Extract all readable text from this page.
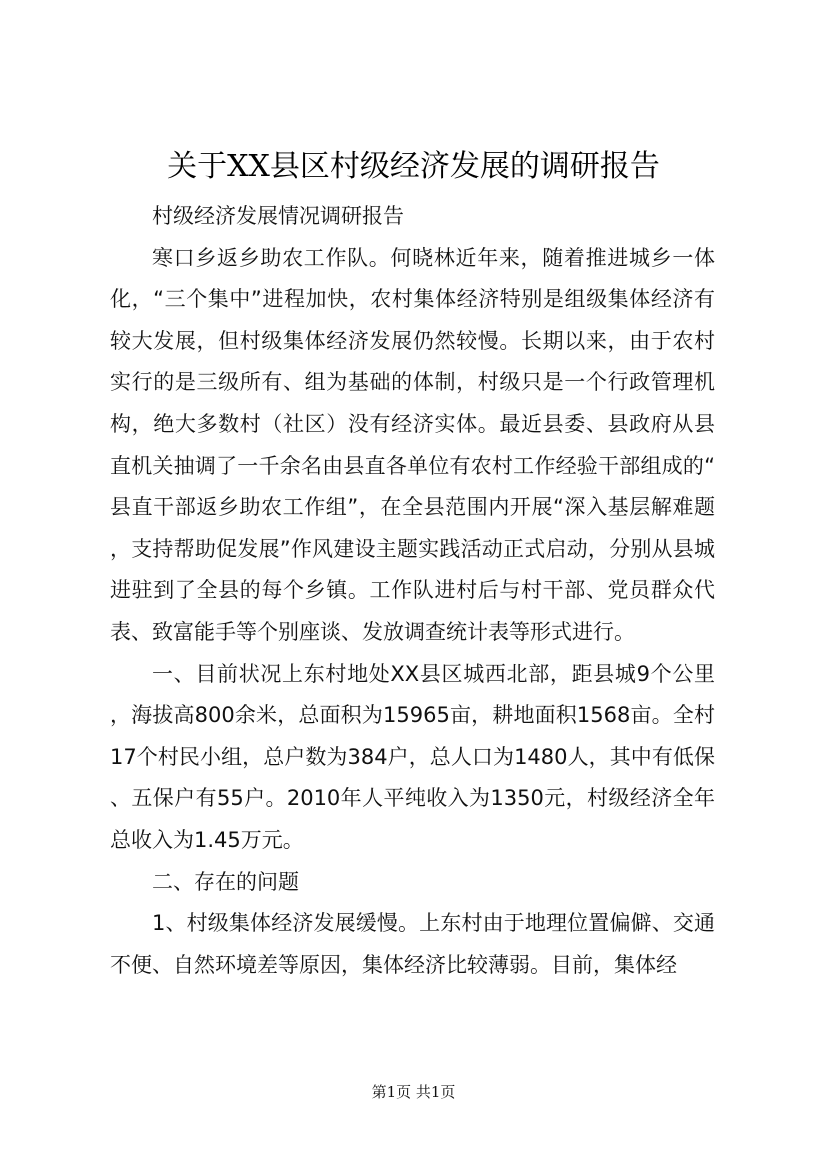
关于XX县区村级经济发展的调研报告

村级经济发展情况调研报告

寒口乡返乡助农工作队。何晓林近年来，随着推进城乡一体化，“三个集中”进程加快，农村集体经济特别是组级集体经济有较大发展，但村级集体经济发展仍然较慢。长期以来，由于农村实行的是三级所有、组为基础的体制，村级只是一个行政管理机构，绝大多数村（社区）没有经济实体。最近县委、县政府从县直机关抽调了一千余名由县直各单位有农村工作经验干部组成的“县直干部返乡助农工作组”，在全县范围内开展“深入基层解难题，支持帮助促发展”作风建设主题实践活动正式启动，分别从县城进驻到了全县的每个乡镇。工作队进村后与村干部、党员群众代表、致富能手等个别座谈、发放调查统计表等形式进行。

一、目前状况上东村地处XX县区城西北部，距县城9个公里，海拔高800余米，总面积为15965亩，耕地面积1568亩。全村17个村民小组，总户数为384户，总人口为1480人，其中有低保、五保户有55户。2010年人平纯收入为1350元，村级经济全年总收入为1.45万元。

二、存在的问题

1、村级集体经济发展缓慢。上东村由于地理位置偏僻、交通不便、自然环境差等原因，集体经济比较薄弱。目前，集体经

第1页 共1页
